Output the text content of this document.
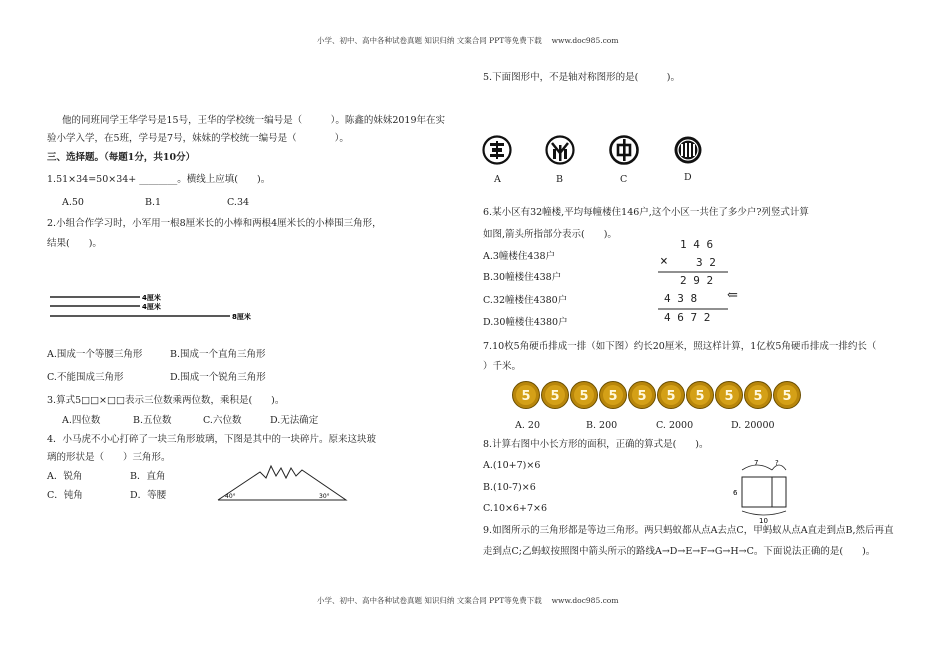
小学、初中、高中各种试卷真题 知识归纳 文案合同 PPT等免费下载　 www.doc985.com
小学、初中、高中各种试卷真题 知识归纳 文案合同 PPT等免费下载　 www.doc985.com
他的同班同学王华学号是15号，王华的学校统一编号是（　　　）。陈鑫的妹妹2019年在实
验小学入学，在5班，学号是7号，妹妹的学校统一编号是（　　　　）。
三、选择题。（每题1分，共10分）
1.51×34=50×34+ ________。横线上应填(　　)。
A.50	B.1	C.34
2.小组合作学习时，小军用一根8厘米长的小棒和两根4厘米长的小棒围三角形，
结果(　　)。
4厘米
4厘米
8厘米
A.围成一个等腰三角形	B.围成一个直角三角形
C.不能围成三角形	D.围成一个锐角三角形
3.算式5□□×□□表示三位数乘两位数，乘积是(　　)。
A.四位数	B.五位数	C.六位数	D.无法确定
4．小马虎不小心打碎了一块三角形玻璃，下图是其中的一块碎片。原来这块玻
璃的形状是（　　）三角形。
A．锐角	B．直角
C．钝角	D．等腰	40°	30°
5.下面图形中，不是轴对称图形的是(　　　)。
A	B	C	D
6.某小区有32幢楼,平均每幢楼住146户,这个小区一共住了多少户?列竖式计算
如图,箭头所指部分表示(　　)。
A.3幢楼住438户
B.30幢楼住438户
C.32幢楼住4380户
D.30幢楼住4380户
1 4 6
×	3 2
2 9 2
4 3 8 ⇐
4 6 7 2
7.10枚5角硬币排成一排（如下图）约长20厘米，照这样计算，1亿枚5角硬币排成一排约长（
）千米。
5 5 5 5 5 5 5 5 5 5
A. 20	B. 200	C. 2000	D. 20000
8.计算右图中小长方形的面积，正确的算式是(　　)。
A.(10+7)×6
B.(10-7)×6
C.10×6+7×6
7 ?
6
10
9.如图所示的三角形都是等边三角形。两只蚂蚁都从点A去点C，甲蚂蚁从点A直走到点B,然后再直
走到点C;乙蚂蚁按照图中箭头所示的路线A→D→E→F→G→H→C。下面说法正确的是(　　)。
